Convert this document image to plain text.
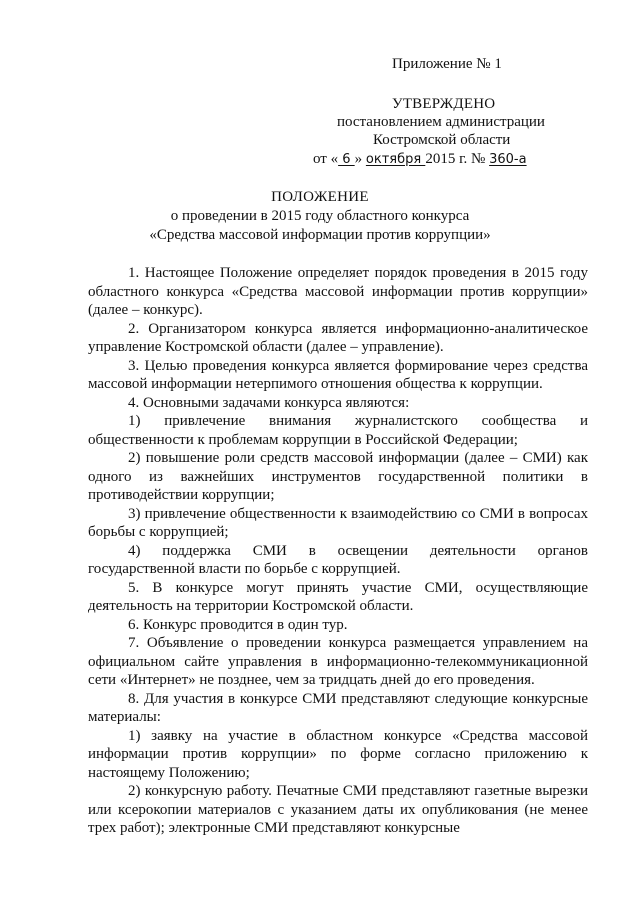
Приложение № 1
УТВЕРЖДЕНО
постановлением администрации
Костромской области
от « 6 » октября 2015 г. № 360-а
ПОЛОЖЕНИЕ
о проведении в 2015 году областного конкурса
«Средства массовой информации против коррупции»

1. Настоящее Положение определяет порядок проведения в 2015 году областного конкурса «Средства массовой информации против коррупции» (далее – конкурс).

2. Организатором конкурса является информационно-аналитическое управление Костромской области (далее – управление).

3. Целью проведения конкурса является формирование через средства массовой информации нетерпимого отношения общества к коррупции.

4. Основными задачами конкурса являются:

1) привлечение внимания журналистского сообщества и общественности к проблемам коррупции в Российской Федерации;

2) повышение роли средств массовой информации (далее – СМИ) как одного из важнейших инструментов государственной политики в противодействии коррупции;

3) привлечение общественности к взаимодействию со СМИ в вопросах борьбы с коррупцией;

4) поддержка СМИ в освещении деятельности органов государственной власти по борьбе с коррупцией.

5. В конкурсе могут принять участие СМИ, осуществляющие деятельность на территории Костромской области.

6. Конкурс проводится в один тур.

7. Объявление о проведении конкурса размещается управлением на официальном сайте управления в информационно-телекоммуникационной сети «Интернет» не позднее, чем за тридцать дней до его проведения.

8. Для участия в конкурсе СМИ представляют следующие конкурсные материалы:

1) заявку на участие в областном конкурсе «Средства массовой информации против коррупции» по форме согласно приложению к настоящему Положению;

2) конкурсную работу. Печатные СМИ представляют газетные вырезки или ксерокопии материалов с указанием даты их опубликования (не менее трех работ); электронные СМИ представляют конкурсные
